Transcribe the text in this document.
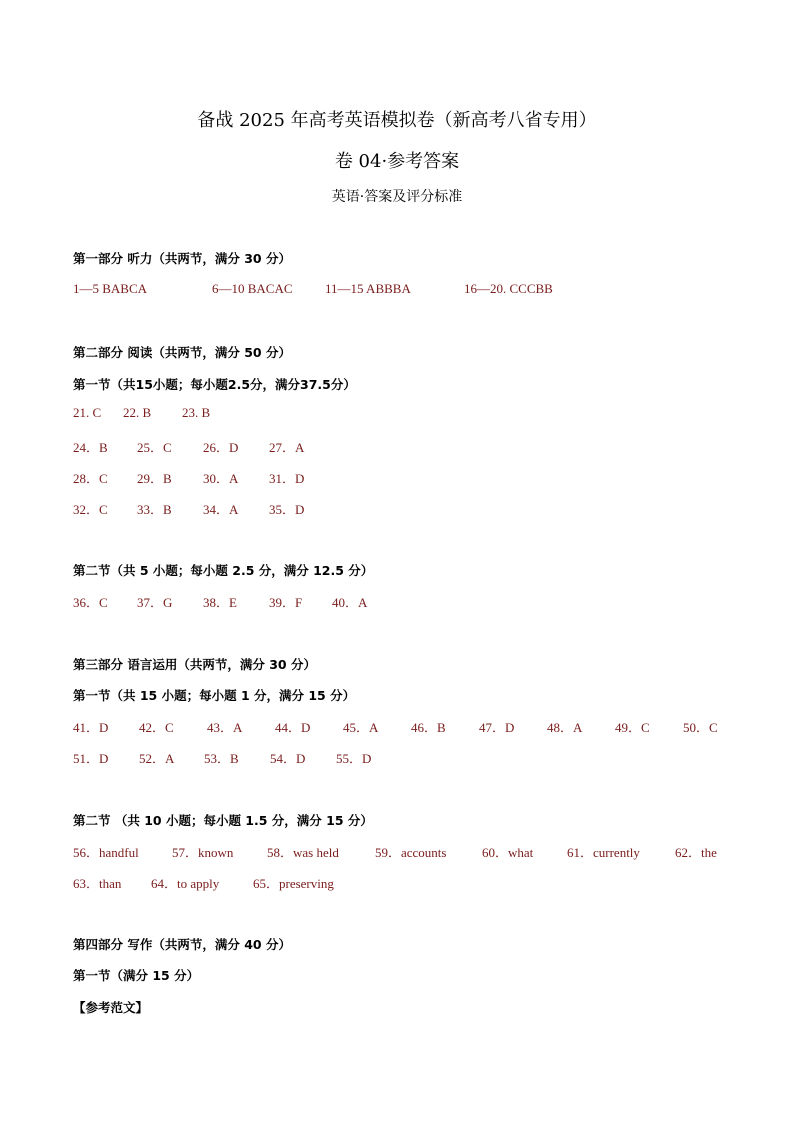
备战 2025 年高考英语模拟卷（新高考八省专用）
卷 04·参考答案
英语·答案及评分标准
第一部分 听力（共两节，满分 30 分）
1—5 BABCA	6—10 BACAC 11—15 ABBBA	16—20. CCCBB
第二部分 阅读（共两节，满分 50 分）
第一节（共15小题；每小题2.5分，满分37.5分）
21. C 22. B 23. B
24．B 25．C 26．D 27．A
28．C 29．B 30．A 31．D
32．C 33．B 34．A 35．D
第二节（共 5 小题；每小题 2.5 分，满分 12.5 分）
36．C 37．G 38．E 39．F 40．A
第三部分 语言运用（共两节，满分 30 分）
第一节（共 15 小题；每小题 1 分，满分 15 分）
41．D 42．C	43．A	44．D	45．A	46．B	47．D	48．A	49．C	50．C
51．D 52．A 53．B 54．D 55．D
第二节 （共 10 小题；每小题 1.5 分，满分 15 分）
56．handful	57．known	58．was held	59．accounts	60．what	61．currently	62．the
63．than 64．to apply	65．preserving
第四部分 写作（共两节，满分 40 分）
第一节（满分 15 分）
【参考范文】
